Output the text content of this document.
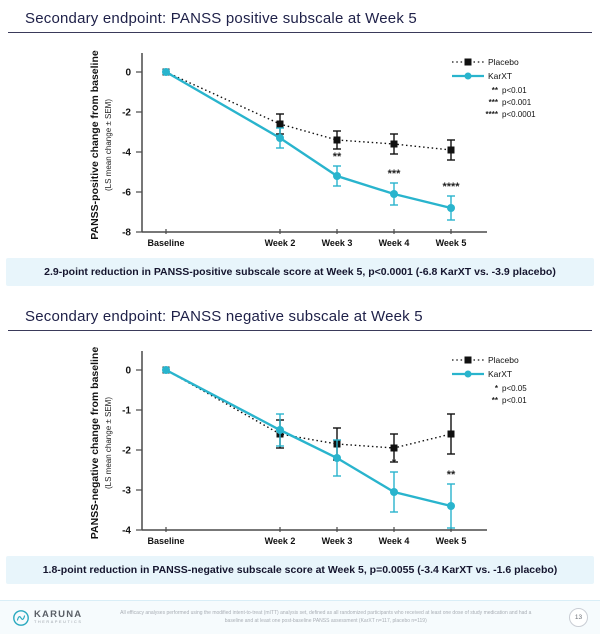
Secondary endpoint: PANSS positive subscale at Week 5
0
-2
-4
-6
-8
Baseline	Week 2	Week 3	Week 4	Week 5
PANSS-positive change from baseline (LS mean change ± SEM)	**
***
****
Placebo
KarXT
** p<0.01
*** p<0.001
**** p<0.0001
2.9-point reduction in PANSS-positive subscale score at Week 5, p<0.0001 (-6.8 KarXT vs. -3.9 placebo)
Secondary endpoint: PANSS negative subscale at Week 5
0
-1
-2
-3
-4
Baseline	Week 2	Week 3	Week 4	Week 5
PANSS-negative change from baseline (LS mean change ± SEM)	*
**
Placebo
KarXT
* p<0.05
** p<0.01
1.8-point reduction in PANSS-negative subscale score at Week 5, p=0.0055 (-3.4 KarXT vs. -1.6 placebo)
KARUNA
THERAPEUTICS
All efficacy analyses performed using the modified intent-to-treat (mITT) analysis set, defined as all randomized participants who received at least one dose of study medication and had a baseline and at least one post-baseline PANSS assessment (KarXT n=117, placebo n=119)	13
